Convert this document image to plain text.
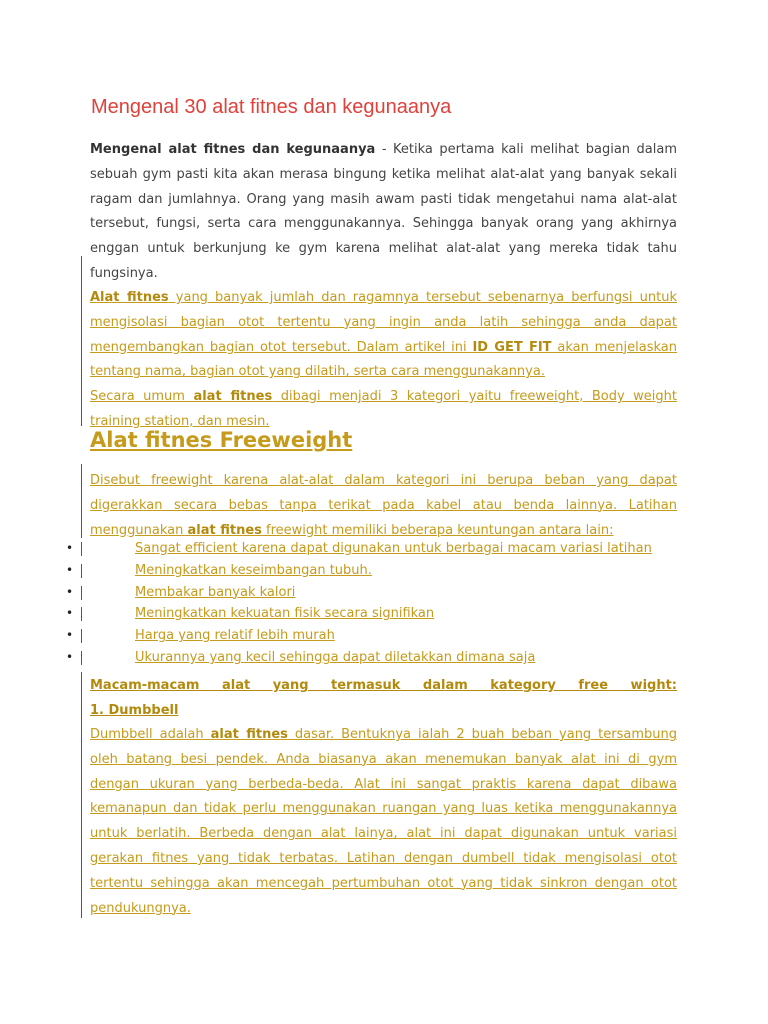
Mengenal 30 alat fitnes dan kegunaanya

Mengenal alat fitnes dan kegunaanya - Ketika pertama kali melihat bagian dalam sebuah gym pasti kita akan merasa bingung ketika melihat alat-alat yang banyak sekali ragam dan jumlahnya. Orang yang masih awam pasti tidak mengetahui nama alat-alat tersebut, fungsi, serta cara menggunakannya. Sehingga banyak orang yang akhirnya enggan untuk berkunjung ke gym karena melihat alat-alat yang mereka tidak tahu fungsinya.

Alat fitnes yang banyak jumlah dan ragamnya tersebut sebenarnya berfungsi untuk mengisolasi bagian otot tertentu yang ingin anda latih sehingga anda dapat mengembangkan bagian otot tersebut. Dalam artikel ini ID GET FIT akan menjelaskan tentang nama, bagian otot yang dilatih, serta cara menggunakannya.

Secara umum alat fitnes dibagi menjadi 3 kategori yaitu freeweight, Body weight training station, dan mesin.

Alat fitnes Freeweight

Disebut freewight karena alat-alat dalam kategori ini berupa beban yang dapat digerakkan secara bebas tanpa terikat pada kabel atau benda lainnya. Latihan menggunakan alat fitnes freewight memiliki beberapa keuntungan antara lain:

•	Sangat efficient karena dapat digunakan untuk berbagai macam variasi latihan
•	Meningkatkan keseimbangan tubuh.
•	Membakar banyak kalori
•	Meningkatkan kekuatan fisik secara signifikan
•	Harga yang relatif lebih murah
•	Ukurannya yang kecil sehingga dapat diletakkan dimana saja

Macam-macam alat yang termasuk dalam kategory free wight:
1. Dumbbell

Dumbbell adalah alat fitnes dasar. Bentuknya ialah 2 buah beban yang tersambung oleh batang besi pendek. Anda biasanya akan menemukan banyak alat ini di gym dengan ukuran yang berbeda-beda. Alat ini sangat praktis karena dapat dibawa kemanapun dan tidak perlu menggunakan ruangan yang luas ketika menggunakannya untuk berlatih. Berbeda dengan alat lainya, alat ini dapat digunakan untuk variasi gerakan fitnes yang tidak terbatas. Latihan dengan dumbell tidak mengisolasi otot tertentu sehingga akan mencegah pertumbuhan otot yang tidak sinkron dengan otot pendukungnya.
